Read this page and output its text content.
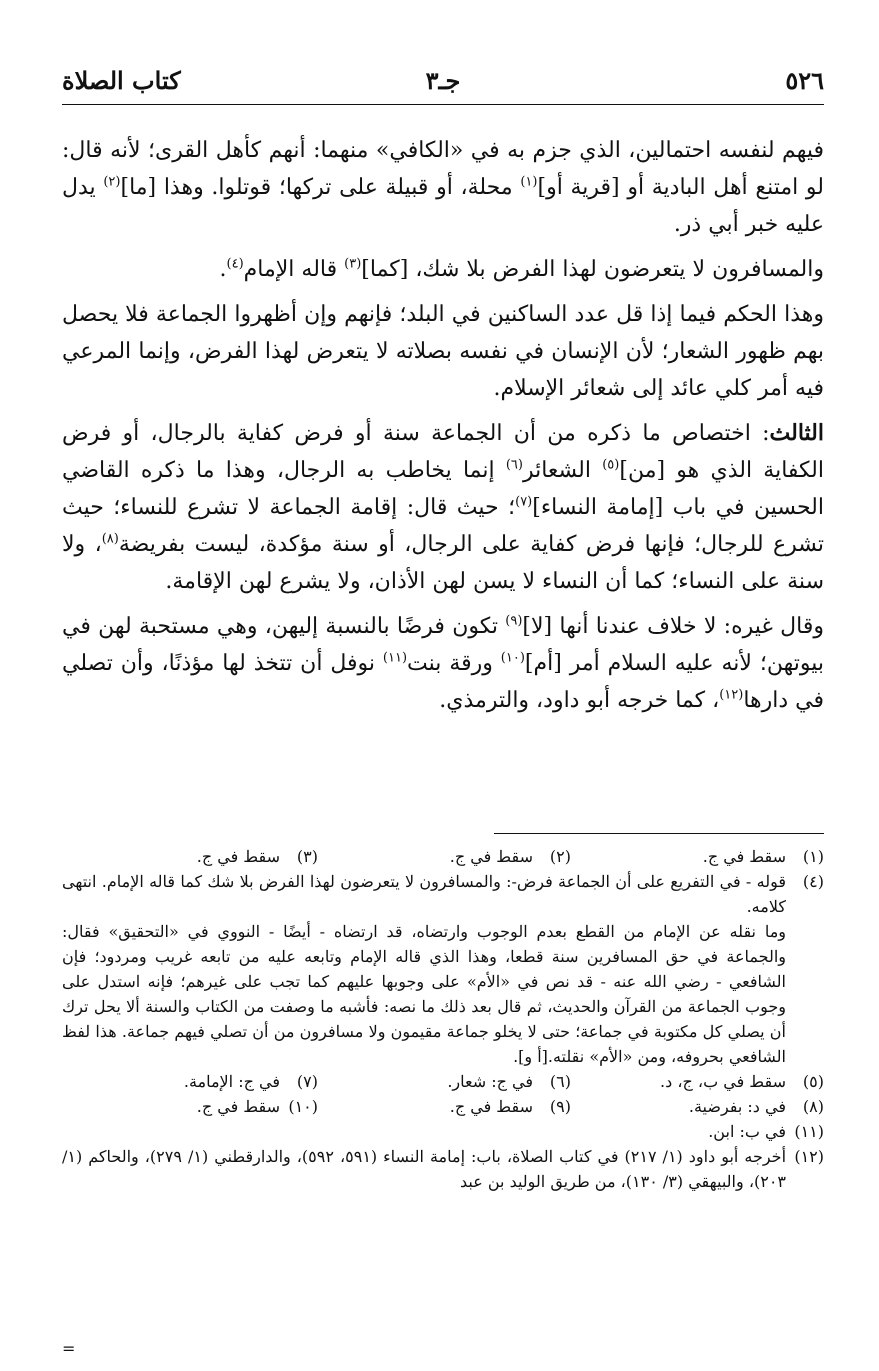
٥٢٦
جـ٣
كتاب الصلاة

فيهم لنفسه احتمالين، الذي جزم به في «الكافي» منهما: أنهم كأهل القرى؛ لأنه قال: لو امتنع أهل البادية أو [قرية أو]$^{(١)}$ محلة، أو قبيلة على تركها؛ قوتلوا. وهذا [ما]$^{(٢)}$ يدل عليه خبر أبي ذر.

والمسافرون لا يتعرضون لهذا الفرض بلا شك، [كما]$^{(٣)}$ قاله الإمام$^{(٤)}$.

وهذا الحكم فيما إذا قل عدد الساكنين في البلد؛ فإنهم وإن أظهروا الجماعة فلا يحصل بهم ظهور الشعار؛ لأن الإنسان في نفسه بصلاته لا يتعرض لهذا الفرض، وإنما المرعي فيه أمر كلي عائد إلى شعائر الإسلام.

الثالث: اختصاص ما ذكره من أن الجماعة سنة أو فرض كفاية بالرجال، أو فرض الكفاية الذي هو [من]$^{(٥)}$ الشعائر$^{(٦)}$ إنما يخاطب به الرجال، وهذا ما ذكره القاضي الحسين في باب [إمامة النساء]$^{(٧)}$؛ حيث قال: إقامة الجماعة لا تشرع للنساء؛ حيث تشرع للرجال؛ فإنها فرض كفاية على الرجال، أو سنة مؤكدة، ليست بفريضة$^{(٨)}$، ولا سنة على النساء؛ كما أن النساء لا يسن لهن الأذان، ولا يشرع لهن الإقامة.

وقال غيره: لا خلاف عندنا أنها [لا]$^{(٩)}$ تكون فرضًا بالنسبة إليهن، وهي مستحبة لهن في بيوتهن؛ لأنه عليه السلام أمر [أم]$^{(١٠)}$ ورقة بنت$^{(١١)}$ نوفل أن تتخذ لها مؤذنًا، وأن تصلي في دارها$^{(١٢)}$، كما خرجه أبو داود، والترمذي.

(١)
سقط في ج.
(٢)
سقط في ج.
(٣)
سقط في ج.
(٤)
قوله - في التفريع على أن الجماعة فرض-: والمسافرون لا يتعرضون لهذا الفرض بلا شك كما قاله الإمام. انتهى كلامه.
وما نقله عن الإمام من القطع بعدم الوجوب وارتضاه، قد ارتضاه - أيضًا - النووي في «التحقيق» فقال: والجماعة في حق المسافرين سنة قطعا، وهذا الذي قاله الإمام وتابعه عليه من تابعه غريب ومردود؛ فإن الشافعي - رضي الله عنه - قد نص في «الأم» على وجوبها عليهم كما تجب على غيرهم؛ فإنه استدل على وجوب الجماعة من القرآن والحديث، ثم قال بعد ذلك ما نصه: فأشبه ما وصفت من الكتاب والسنة ألا يحل ترك أن يصلي كل مكتوبة في جماعة؛ حتى لا يخلو جماعة مقيمون ولا مسافرون من أن تصلي فيهم جماعة. هذا لفظ الشافعي بحروفه، ومن «الأم» نقلته.[أ و].
(٥)
سقط في ب، ج، د.
(٦)
في ج: شعار.
(٧)
في ج: الإمامة.
(٨)
في د: بفرضية.
(٩)
سقط في ج.
(١٠)
سقط في ج.
(١١)
في ب: ابن.
(١٢)
أخرجه أبو داود (١/ ٢١٧) في كتاب الصلاة، باب: إمامة النساء (٥٩١، ٥٩٢)، والدارقطني (١/ ٢٧٩)، والحاكم (١/ ٢٠٣)، والبيهقي (٣/ ١٣٠)، من طريق الوليد بن عبد
=
